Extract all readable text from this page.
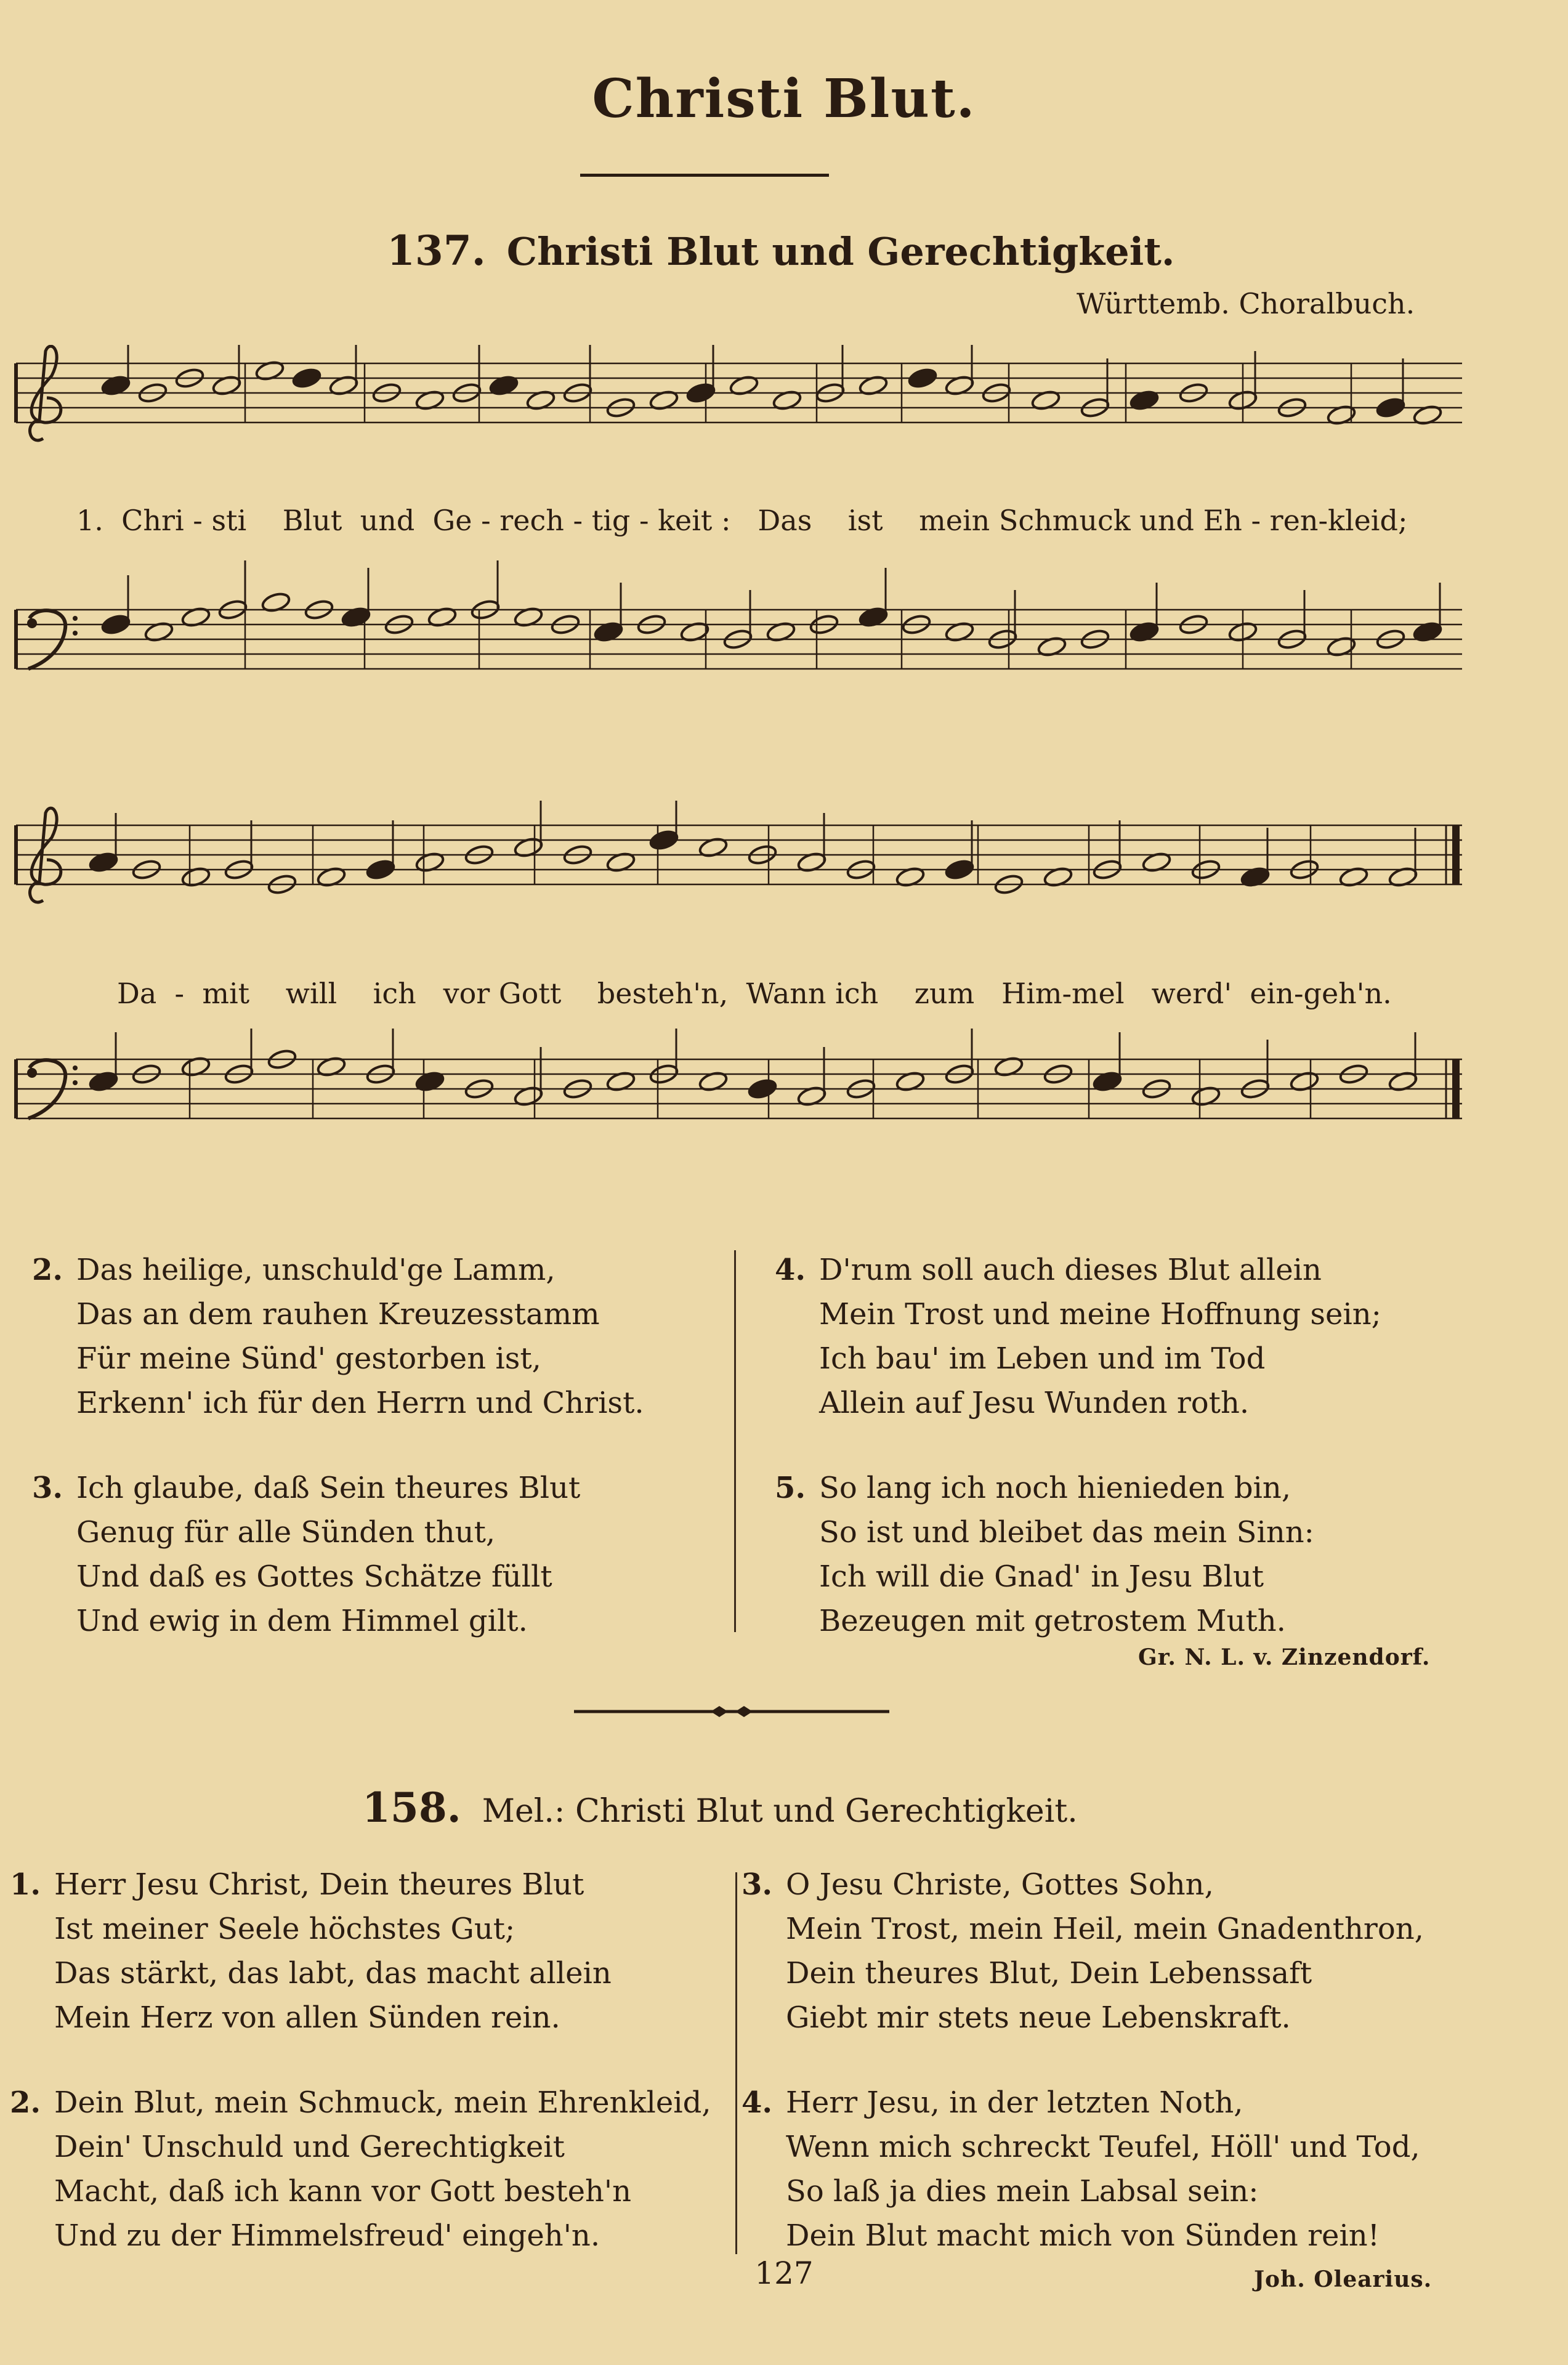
Christi Blut.
137. Christi Blut und Gerechtigkeit.
Württemb. Choralbuch.
1.  Chri - sti    Blut  und  Ge - rech - tig - keit :   Das    ist    mein Schmuck und Eh - ren-kleid;
Da  -  mit    will    ich   vor Gott    besteh'n,  Wann ich    zum   Him-mel   werd'  ein-geh'n.
2. Das heilige, unschuld'ge Lamm,
Das an dem rauhen Kreuzesstamm
Für meine Sünd' gestorben ist,
Erkenn' ich für den Herrn und Christ.
3. Ich glaube, daß Sein theures Blut
Genug für alle Sünden thut,
Und daß es Gottes Schätze füllt
Und ewig in dem Himmel gilt.
4. D'rum soll auch dieses Blut allein
Mein Trost und meine Hoffnung sein;
Ich bau' im Leben und im Tod
Allein auf Jesu Wunden roth.
5. So lang ich noch hienieden bin,
So ist und bleibet das mein Sinn:
Ich will die Gnad' in Jesu Blut
Bezeugen mit getrostem Muth.
Gr. N. L. v. Zinzendorf.
158. Mel.: Christi Blut und Gerechtigkeit.
1. Herr Jesu Christ, Dein theures Blut
Ist meiner Seele höchstes Gut;
Das stärkt, das labt, das macht allein
Mein Herz von allen Sünden rein.
2. Dein Blut, mein Schmuck, mein Ehrenkleid,
Dein' Unschuld und Gerechtigkeit
Macht, daß ich kann vor Gott besteh'n
Und zu der Himmelsfreud' eingeh'n.
3. O Jesu Christe, Gottes Sohn,
Mein Trost, mein Heil, mein Gnadenthron,
Dein theures Blut, Dein Lebenssaft
Giebt mir stets neue Lebenskraft.
4. Herr Jesu, in der letzten Noth,
Wenn mich schreckt Teufel, Höll' und Tod,
So laß ja dies mein Labsal sein:
Dein Blut macht mich von Sünden rein!
Joh. Olearius.
127
